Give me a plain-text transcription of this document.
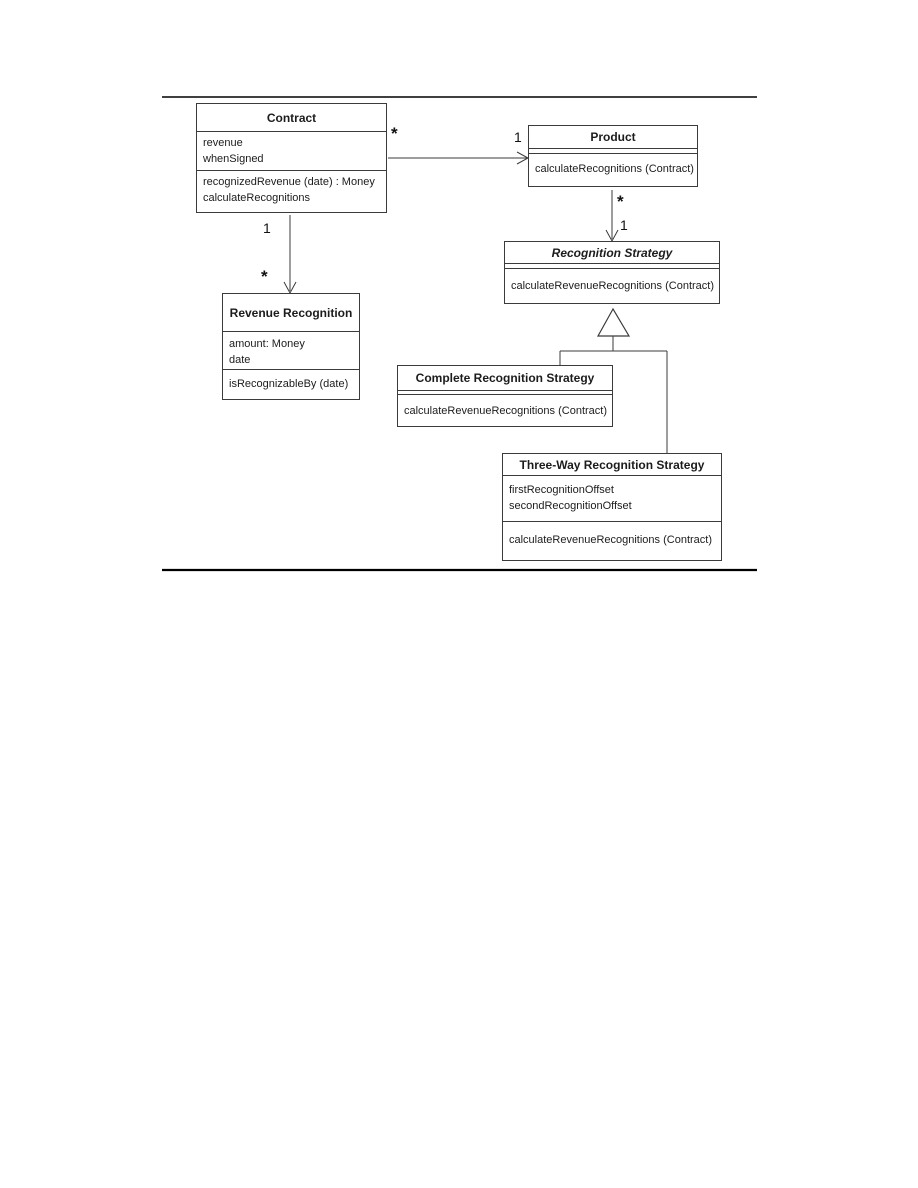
Contract
revenue
whenSigned
recognizedRevenue (date) : Money
calculateRecognitions
Product
calculateRecognitions (Contract)
Revenue Recognition
amount: Money
date
isRecognizableBy (date)
Recognition Strategy
calculateRevenueRecognitions (Contract)
Complete Recognition Strategy
calculateRevenueRecognitions (Contract)
Three-Way Recognition Strategy
firstRecognitionOffset
secondRecognitionOffset
calculateRevenueRecognitions (Contract)
*	1
1
*
*
1
